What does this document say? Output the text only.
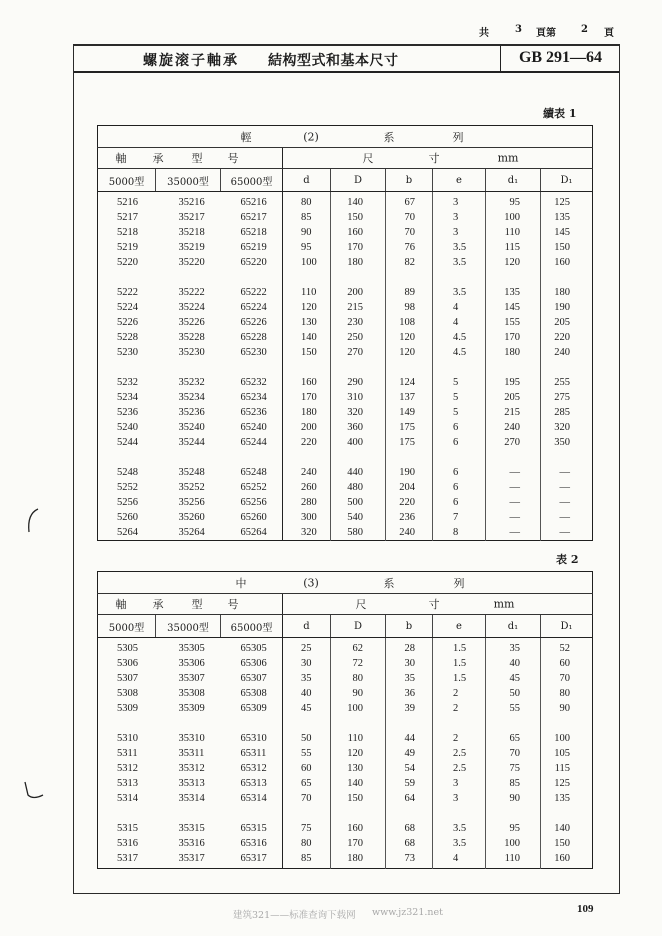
共	3 頁第	2 頁
螺旋滚子軸承 結构型式和基本尺寸	GB 291—64
續表 1
輕 (2) 系 列								

軸 承 型 号			尺 寸 mm					

5000型	35000型	65000型	d	D	b	e	d₁	D₁

5216	35216	65216	80	140	67	3	95	125
5217	35217	65217	85	150	70	3	100	135
5218	35218	65218	90	160	70	3	110	145
5219	35219	65219	95	170	76	3.5	115	150
5220	35220	65220	100	180	82	3.5	120	160

5222	35222	65222	110	200	89	3.5	135	180
5224	35224	65224	120	215	98	4	145	190
5226	35226	65226	130	230	108	4	155	205
5228	35228	65228	140	250	120	4.5	170	220
5230	35230	65230	150	270	120	4.5	180	240

5232	35232	65232	160	290	124	5	195	255
5234	35234	65234	170	310	137	5	205	275
5236	35236	65236	180	320	149	5	215	285
5240	35240	65240	200	360	175	6	240	320
5244	35244	65244	220	400	175	6	270	350

5248	35248	65248	240	440	190	6	—	—
5252	35252	65252	260	480	204	6	—	—
5256	35256	65256	280	500	220	6	—	—
5260	35260	65260	300	540	236	7	—	—
5264	35264	65264	320	580	240	8	—	—
表 2
中 (3) 系 列								

軸 承 型 号			尺 寸 mm					

5000型	35000型	65000型	d	D	b	e	d₁	D₁

5305	35305	65305	25	62	28	1.5	35	52
5306	35306	65306	30	72	30	1.5	40	60
5307	35307	65307	35	80	35	1.5	45	70
5308	35308	65308	40	90	36	2	50	80
5309	35309	65309	45	100	39	2	55	90

5310	35310	65310	50	110	44	2	65	100
5311	35311	65311	55	120	49	2.5	70	105
5312	35312	65312	60	130	54	2.5	75	115
5313	35313	65313	65	140	59	3	85	125
5314	35314	65314	70	150	64	3	90	135

5315	35315	65315	75	160	68	3.5	95	140
5316	35316	65316	80	170	68	3.5	100	150
5317	35317	65317	85	180	73	4	110	160

建筑321——标准查询下载网 www.jz321.net	109
